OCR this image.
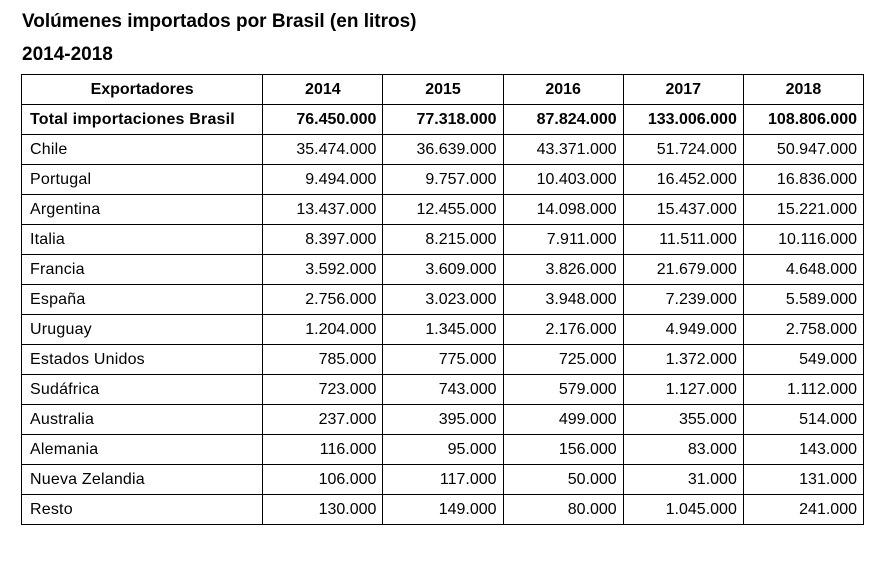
Volúmenes importados por Brasil (en litros)
2014-2018
Exportadores	2014	2015	2016	2017	2018
Total importaciones Brasil	76.450.000	77.318.000	87.824.000	133.006.000	108.806.000
Chile	35.474.000	36.639.000	43.371.000	51.724.000	50.947.000
Portugal	9.494.000	9.757.000	10.403.000	16.452.000	16.836.000
Argentina	13.437.000	12.455.000	14.098.000	15.437.000	15.221.000
Italia	8.397.000	8.215.000	7.911.000	11.511.000	10.116.000
Francia	3.592.000	3.609.000	3.826.000	21.679.000	4.648.000
España	2.756.000	3.023.000	3.948.000	7.239.000	5.589.000
Uruguay	1.204.000	1.345.000	2.176.000	4.949.000	2.758.000
Estados Unidos	785.000	775.000	725.000	1.372.000	549.000
Sudáfrica	723.000	743.000	579.000	1.127.000	1.112.000
Australia	237.000	395.000	499.000	355.000	514.000
Alemania	116.000	95.000	156.000	83.000	143.000
Nueva Zelandia	106.000	117.000	50.000	31.000	131.000
Resto	130.000	149.000	80.000	1.045.000	241.000
